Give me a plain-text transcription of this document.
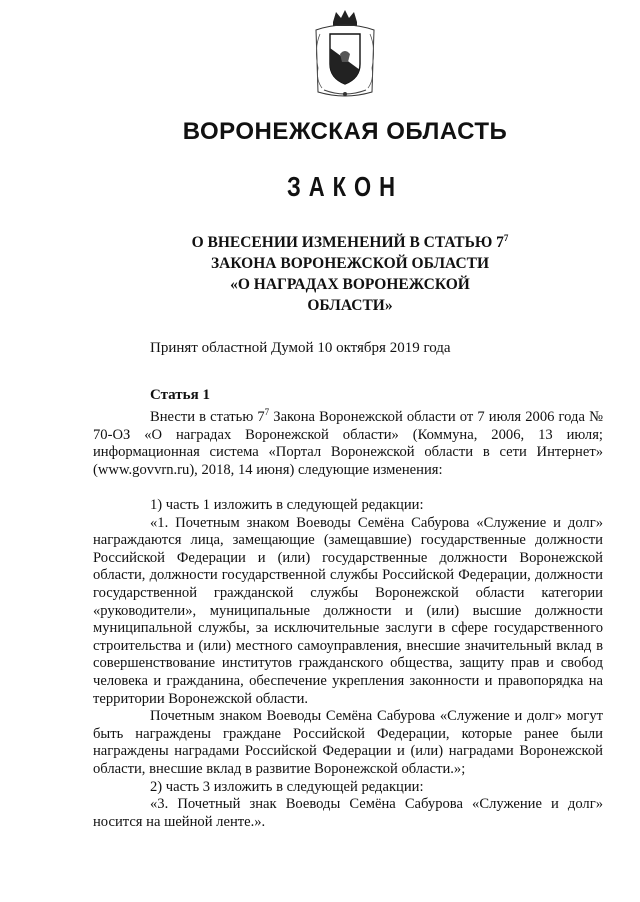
ВОРОНЕЖСКАЯ ОБЛАСТЬ
ЗАКОН
О ВНЕСЕНИИ ИЗМЕНЕНИЙ В СТАТЬЮ $7^7$
ЗАКОНА ВОРОНЕЖСКОЙ ОБЛАСТИ
«О НАГРАДАХ ВОРОНЕЖСКОЙ
ОБЛАСТИ»
Принят областной Думой 10 октября 2019 года
Статья 1

Внести в статью $7^7$ Закона Воронежской области от 7 июля 2006 года № 70-ОЗ «О наградах Воронежской области» (Коммуна, 2006, 13 июля; информационная система «Портал Воронежской области в сети Интернет» (www.govvrn.ru), 2018, 14 июня) следующие изменения:

1) часть 1 изложить в следующей редакции:

«1. Почетным знаком Воеводы Семёна Сабурова «Служение и долг» награждаются лица, замещающие (замещавшие) государственные должности Российской Федерации и (или) государственные должности Воронежской области, должности государственной службы Российской Федерации, должности государственной гражданской службы Воронежской области категории «руководители», муниципальные должности и (или) высшие должности муниципальной службы, за исключительные заслуги в сфере государственного строительства и (или) местного самоуправления, внесшие значительный вклад в совершенствование институтов гражданского общества, защиту прав и свобод человека и гражданина, обеспечение укрепления законности и правопорядка на территории Воронежской области.

Почетным знаком Воеводы Семёна Сабурова «Служение и долг» могут быть награждены граждане Российской Федерации, которые ранее были награждены наградами Российской Федерации и (или) наградами Воронежской области, внесшие вклад в развитие Воронежской области.»;

2) часть 3 изложить в следующей редакции:

«3. Почетный знак Воеводы Семёна Сабурова «Служение и долг» носится на шейной ленте.».
